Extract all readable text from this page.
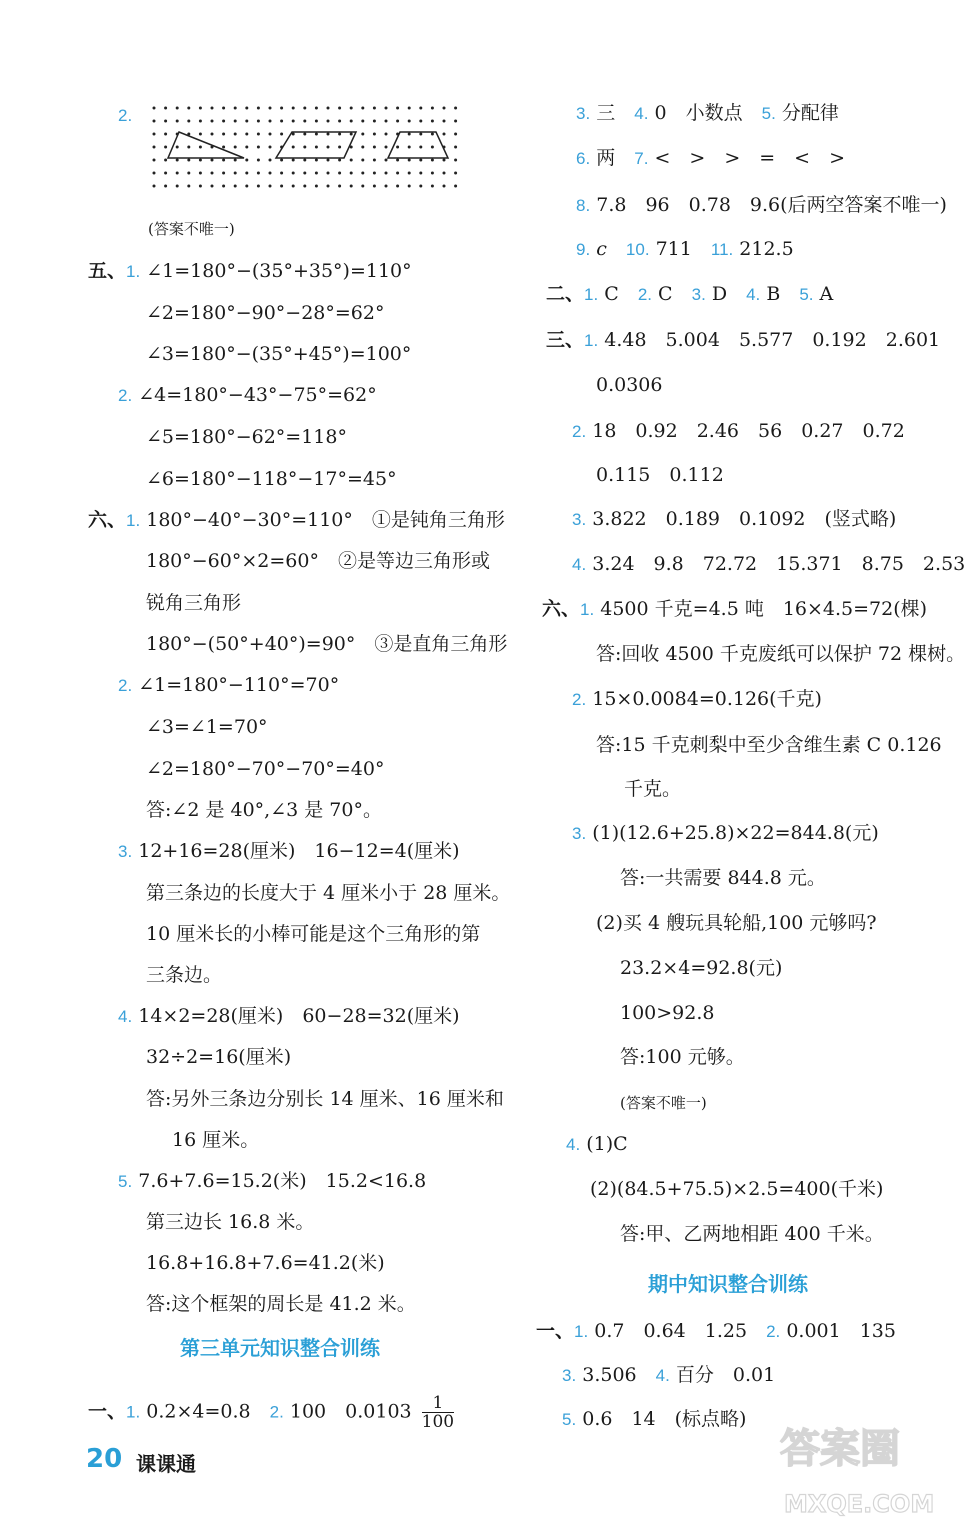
2.
(答案不唯一)
五、1. ∠1=180°−(35°+35°)=110°
∠2=180°−90°−28°=62°
∠3=180°−(35°+45°)=100°
2. ∠4=180°−43°−75°=62°
∠5=180°−62°=118°
∠6=180°−118°−17°=45°
六、1. 180°−40°−30°=110°　①是钝角三角形
180°−60°×2=60°　②是等边三角形或
锐角三角形
180°−(50°+40°)=90°　③是直角三角形
2. ∠1=180°−110°=70°
∠3=∠1=70°
∠2=180°−70°−70°=40°
答:∠2 是 40°,∠3 是 70°。
3. 12+16=28(厘米)　16−12=4(厘米)
第三条边的长度大于 4 厘米小于 28 厘米。
10 厘米长的小棒可能是这个三角形的第
三条边。
4. 14×2=28(厘米)　60−28=32(厘米)
32÷2=16(厘米)
答:另外三条边分别长 14 厘米、16 厘米和
16 厘米。
5. 7.6+7.6=15.2(米)　15.2<16.8
第三边长 16.8 米。
16.8+16.8+7.6=41.2(米)
答:这个框架的周长是 41.2 米。
第三单元知识整合训练
一、1. 0.2×4=0.8　 2. 100　$0.0103 \frac{1}{100}$
3. 三　 4. 0　小数点　 5. 分配律
6. 两　 7. <　>　>　=　<　>
8. 7.8　96　0.78　9.6(后两空答案不唯一)
9. c　 10. 711　 11. 212.5
二、1. C　 2. C　 3. D　 4. B　 5. A
三、1. 4.48　5.004　5.577　0.192　2.601
0.0306
2. 18　0.92　2.46　56　0.27　0.72
0.115　0.112
3. 3.822　0.189　0.1092　(竖式略)
4. 3.24　9.8　72.72　15.371　8.75　2.53
六、1. 4500 千克=4.5 吨　16×4.5=72(棵)
答:回收 4500 千克废纸可以保护 72 棵树。
2. 15×0.0084=0.126(千克)
答:15 千克刺梨中至少含维生素 C 0.126
千克。
3. (1)(12.6+25.8)×22=844.8(元)
答:一共需要 844.8 元。
(2)买 4 艘玩具轮船,100 元够吗?
23.2×4=92.8(元)
100>92.8
答:100 元够。
(答案不唯一)
4. (1)C
(2)(84.5+75.5)×2.5=400(千米)
答:甲、乙两地相距 400 千米。
期中知识整合训练
一、1. 0.7　0.64　1.25　 2. 0.001　135
3. 3.506　 4. 百分　0.01
5. 0.6　14　(标点略)
20 课课通	答案圈
MXQE.COM
